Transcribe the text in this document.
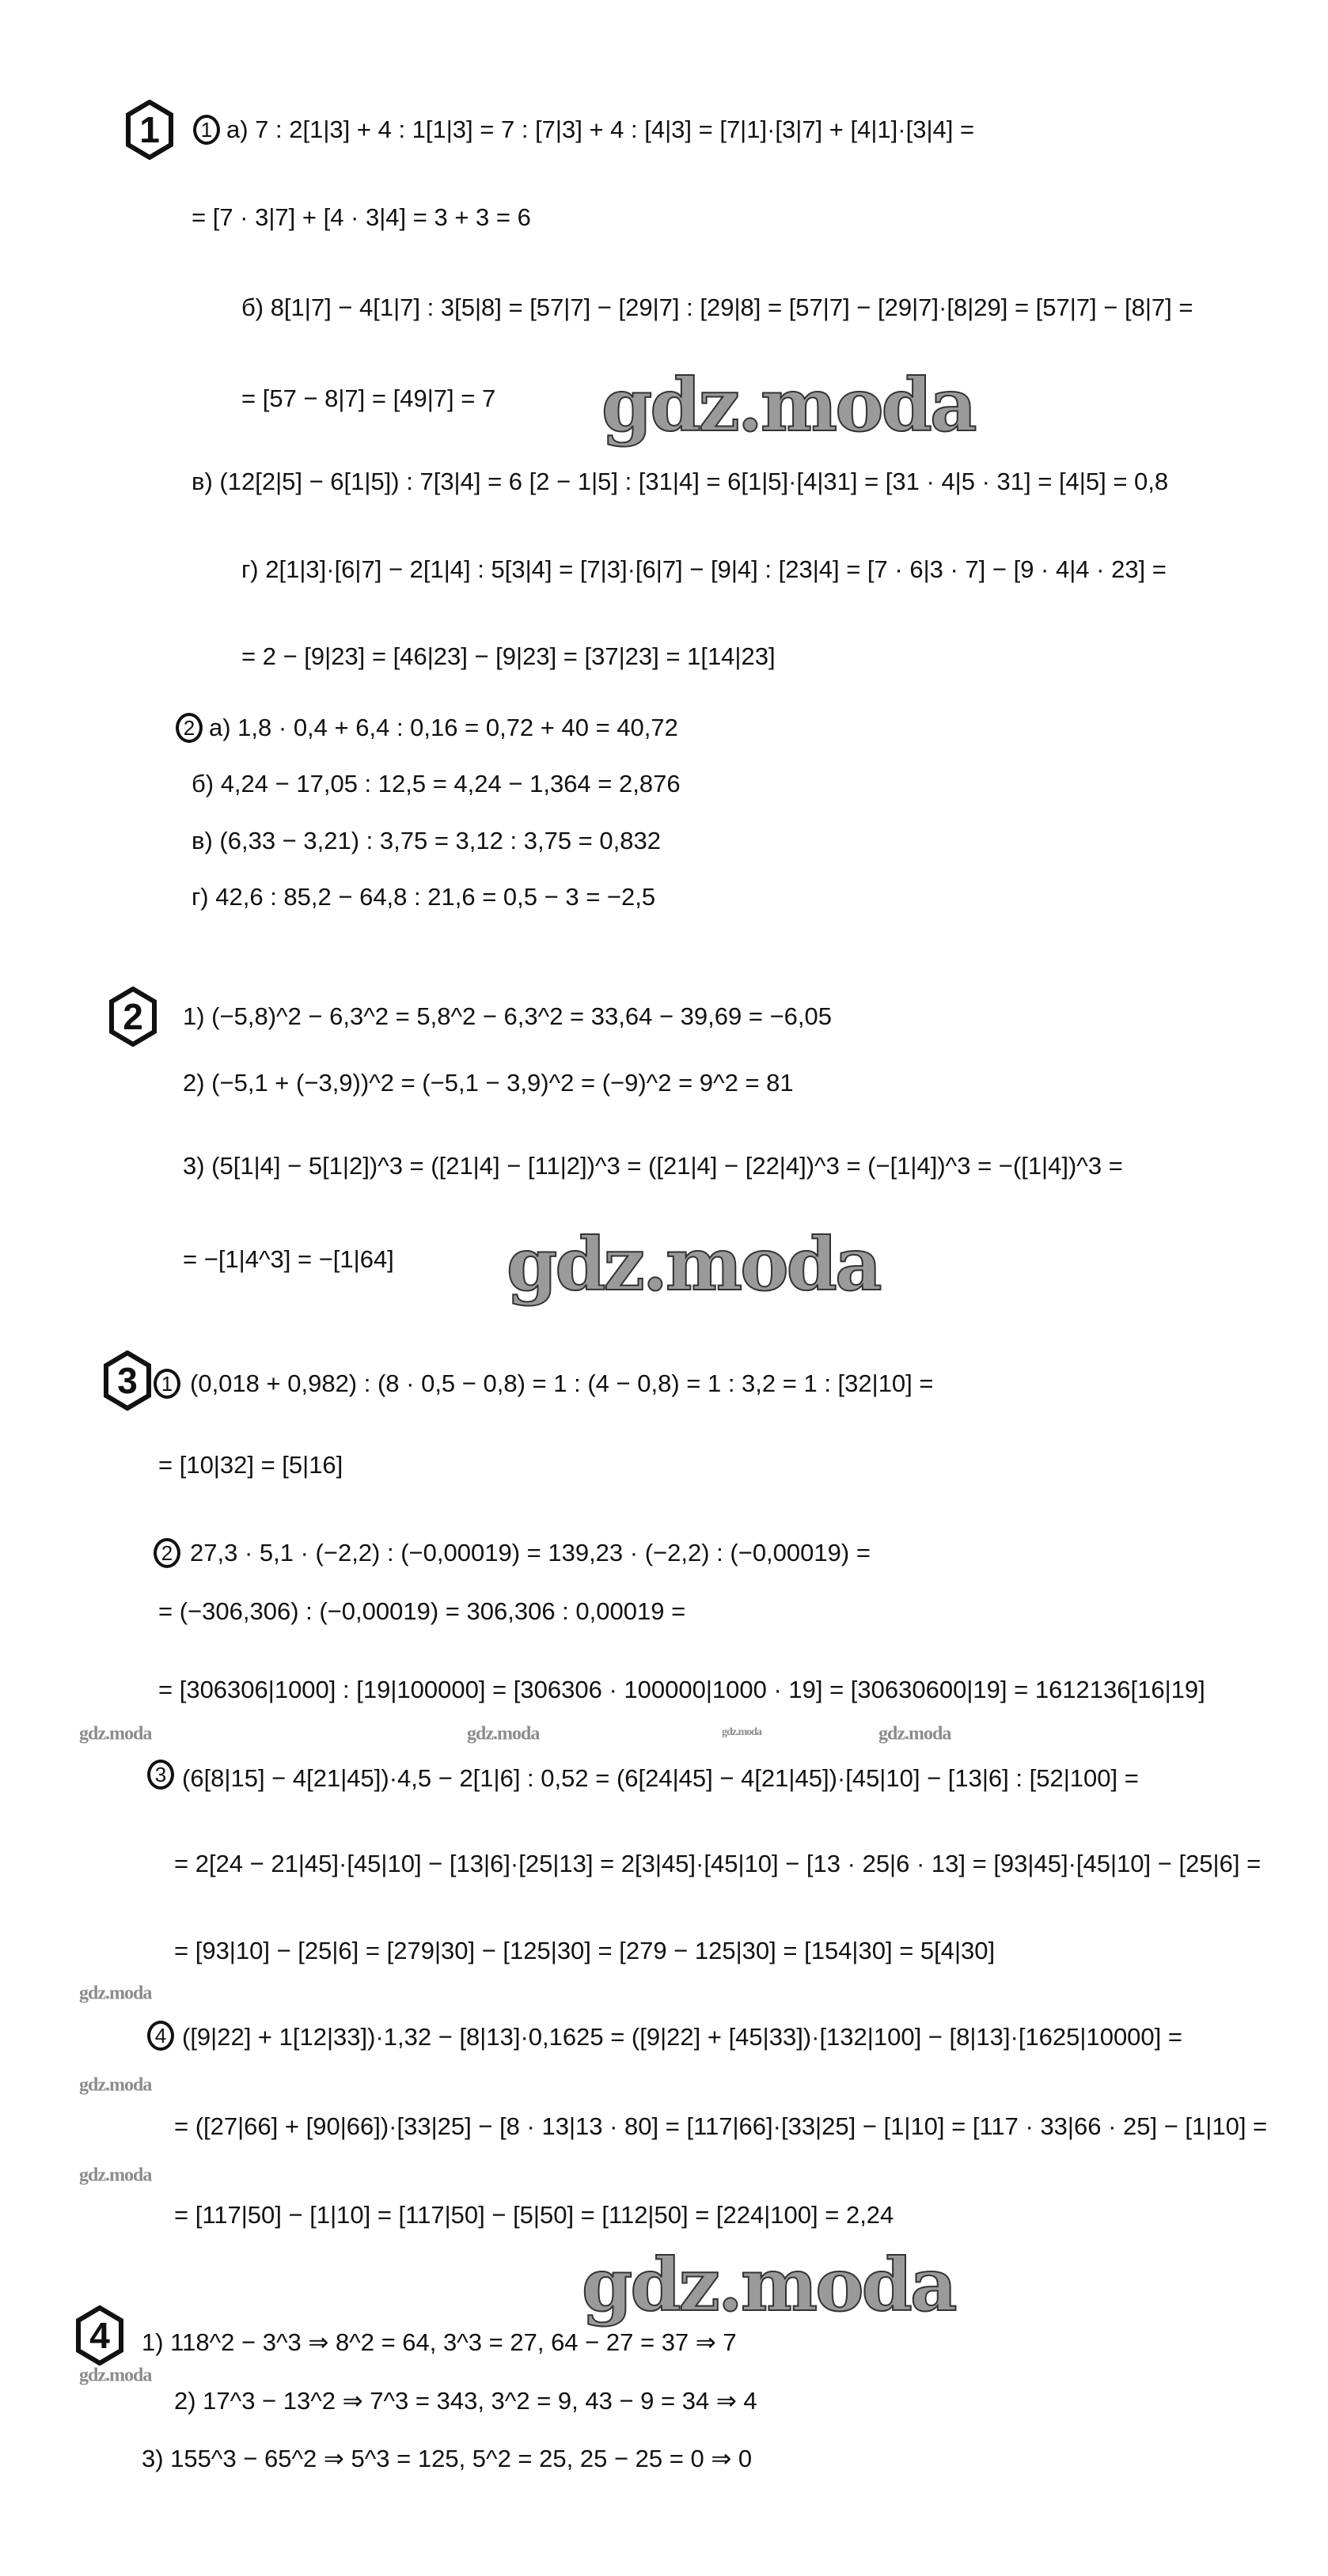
1
2
3
4
1
2
1
2
3
4
а) 7 : 2[1|3] + 4 : 1[1|3] = 7 : [7|3] + 4 : [4|3] = [7|1]·[3|7] + [4|1]·[3|4] =
= [7 · 3|7] + [4 · 3|4] = 3 + 3 = 6
б) 8[1|7] − 4[1|7] : 3[5|8] = [57|7] − [29|7] : [29|8] = [57|7] − [29|7]·[8|29] = [57|7] − [8|7] =
= [57 − 8|7] = [49|7] = 7
в) (12[2|5] − 6[1|5]) : 7[3|4] = 6 [2 − 1|5] : [31|4] = 6[1|5]·[4|31] = [31 · 4|5 · 31] = [4|5] = 0,8
г) 2[1|3]·[6|7] − 2[1|4] : 5[3|4] = [7|3]·[6|7] − [9|4] : [23|4] = [7 · 6|3 · 7] − [9 · 4|4 · 23] =
= 2 − [9|23] = [46|23] − [9|23] = [37|23] = 1[14|23]
а) 1,8 · 0,4 + 6,4 : 0,16 = 0,72 + 40 = 40,72
б) 4,24 − 17,05 : 12,5 = 4,24 − 1,364 = 2,876
в) (6,33 − 3,21) : 3,75 = 3,12 : 3,75 = 0,832
г) 42,6 : 85,2 − 64,8 : 21,6 = 0,5 − 3 = −2,5
1) (−5,8)^2 − 6,3^2 = 5,8^2 − 6,3^2 = 33,64 − 39,69 = −6,05
2) (−5,1 + (−3,9))^2 = (−5,1 − 3,9)^2 = (−9)^2 = 9^2 = 81
3) (5[1|4] − 5[1|2])^3 = ([21|4] − [11|2])^3 = ([21|4] − [22|4])^3 = (−[1|4])^3 = −([1|4])^3 =
= −[1|4^3] = −[1|64]
(0,018 + 0,982) : (8 · 0,5 − 0,8) = 1 : (4 − 0,8) = 1 : 3,2 = 1 : [32|10] =
= [10|32] = [5|16]
27,3 · 5,1 · (−2,2) : (−0,00019) = 139,23 · (−2,2) : (−0,00019) =
= (−306,306) : (−0,00019) = 306,306 : 0,00019 =
= [306306|1000] : [19|100000] = [306306 · 100000|1000 · 19] = [30630600|19] = 1612136[16|19]
(6[8|15] − 4[21|45])·4,5 − 2[1|6] : 0,52 = (6[24|45] − 4[21|45])·[45|10] − [13|6] : [52|100] =
= 2[24 − 21|45]·[45|10] − [13|6]·[25|13] = 2[3|45]·[45|10] − [13 · 25|6 · 13] = [93|45]·[45|10] − [25|6] =
= [93|10] − [25|6] = [279|30] − [125|30] = [279 − 125|30] = [154|30] = 5[4|30]
([9|22] + 1[12|33])·1,32 − [8|13]·0,1625 = ([9|22] + [45|33])·[132|100] − [8|13]·[1625|10000] =
= ([27|66] + [90|66])·[33|25] − [8 · 13|13 · 80] = [117|66]·[33|25] − [1|10] = [117 · 33|66 · 25] − [1|10] =
= [117|50] − [1|10] = [117|50] − [5|50] = [112|50] = [224|100] = 2,24
1) 118^2 − 3^3 ⇒ 8^2 = 64, 3^3 = 27, 64 − 27 = 37 ⇒ 7
2) 17^3 − 13^2 ⇒ 7^3 = 343, 3^2 = 9, 43 − 9 = 34 ⇒ 4
3) 155^3 − 65^2 ⇒ 5^3 = 125, 5^2 = 25, 25 − 25 = 0 ⇒ 0
gdz.moda
gdz.moda
gdz.moda
gdz.moda	gdz.moda	gdz.moda	gdz.moda
gdz.moda
gdz.moda
gdz.moda
gdz.moda
